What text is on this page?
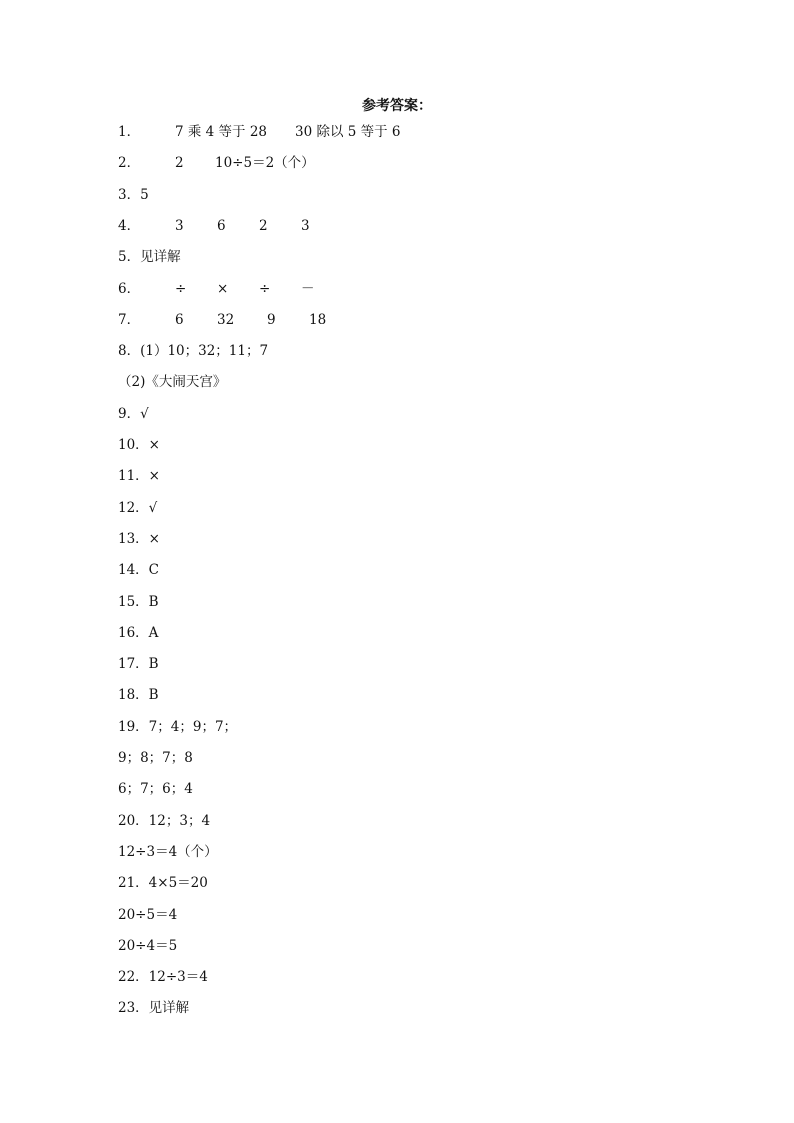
参考答案：
1．	7 乘 4 等于 28 30 除以 5 等于 6
2．	2 10÷5＝2（个）
3．5
4．	3 6 2 3
5．见详解
6．	÷ × ÷ －
7．	6 32 9 18
8．(1）10；32；11；7
（2)《大闹天宫》
9．√
10．×
11．×
12．√
13．×
14．C
15．B
16．A
17．B
18．B
19．7；4；9；7；
9；8；7；8
6；7；6；4
20．12；3；4
12÷3＝4（个）
21．4×5＝20
20÷5＝4
20÷4＝5
22．12÷3＝4
23．见详解
